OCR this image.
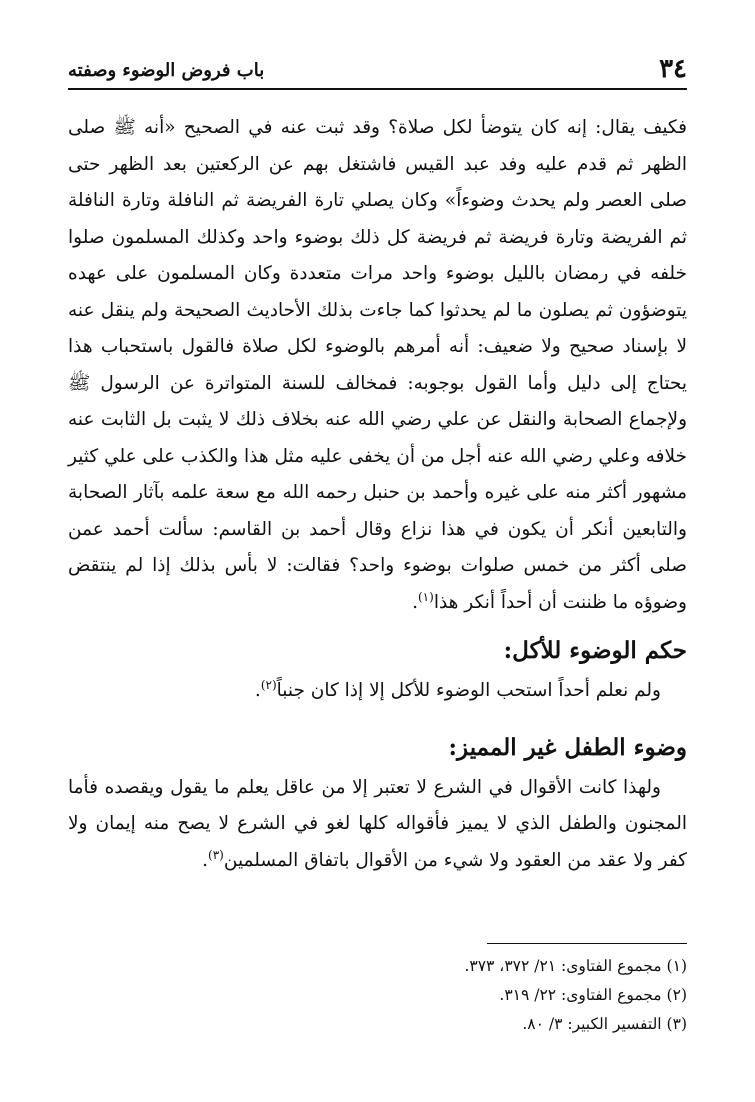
٣٤
باب فروض الوضوء وصفته

فكيف يقال: إنه كان يتوضأ لكل صلاة؟ وقد ثبت عنه في الصحيح «أنه ﷺ صلى الظهر ثم قدم عليه وفد عبد القيس فاشتغل بهم عن الركعتين بعد الظهر حتى صلى العصر ولم يحدث وضوءاً» وكان يصلي تارة الفريضة ثم النافلة وتارة النافلة ثم الفريضة وتارة فريضة ثم فريضة كل ذلك بوضوء واحد وكذلك المسلمون صلوا خلفه في رمضان بالليل بوضوء واحد مرات متعددة وكان المسلمون على عهده يتوضؤون ثم يصلون ما لم يحدثوا كما جاءت بذلك الأحاديث الصحيحة ولم ينقل عنه لا بإسناد صحيح ولا ضعيف: أنه أمرهم بالوضوء لكل صلاة فالقول باستحباب هذا يحتاج إلى دليل وأما القول بوجوبه: فمخالف للسنة المتواترة عن الرسول ﷺ ولإجماع الصحابة والنقل عن علي رضي الله عنه بخلاف ذلك لا يثبت بل الثابت عنه خلافه وعلي رضي الله عنه أجل من أن يخفى عليه مثل هذا والكذب على علي كثير مشهور أكثر منه على غيره وأحمد بن حنبل رحمه الله مع سعة علمه بآثار الصحابة والتابعين أنكر أن يكون في هذا نزاع وقال أحمد بن القاسم: سألت أحمد عمن صلى أكثر من خمس صلوات بوضوء واحد؟ فقالت: لا بأس بذلك إذا لم ينتقض وضوؤه ما ظننت أن أحداً أنكر هذا$^{(١)}$.

حكم الوضوء للأكل:

ولم نعلم أحداً استحب الوضوء للأكل إلا إذا كان جنباً$^{(٢)}$.

وضوء الطفل غير المميز:

ولهذا كانت الأقوال في الشرع لا تعتبر إلا من عاقل يعلم ما يقول ويقصده فأما المجنون والطفل الذي لا يميز فأقواله كلها لغو في الشرع لا يصح منه إيمان ولا كفر ولا عقد من العقود ولا شيء من الأقوال باتفاق المسلمين$^{(٣)}$.

(١) مجموع الفتاوى: ٢١/ ٣٧٢، ٣٧٣.
(٢) مجموع الفتاوى: ٢٢/ ٣١٩.
(٣) التفسير الكبير: ٣/ ٨٠.
